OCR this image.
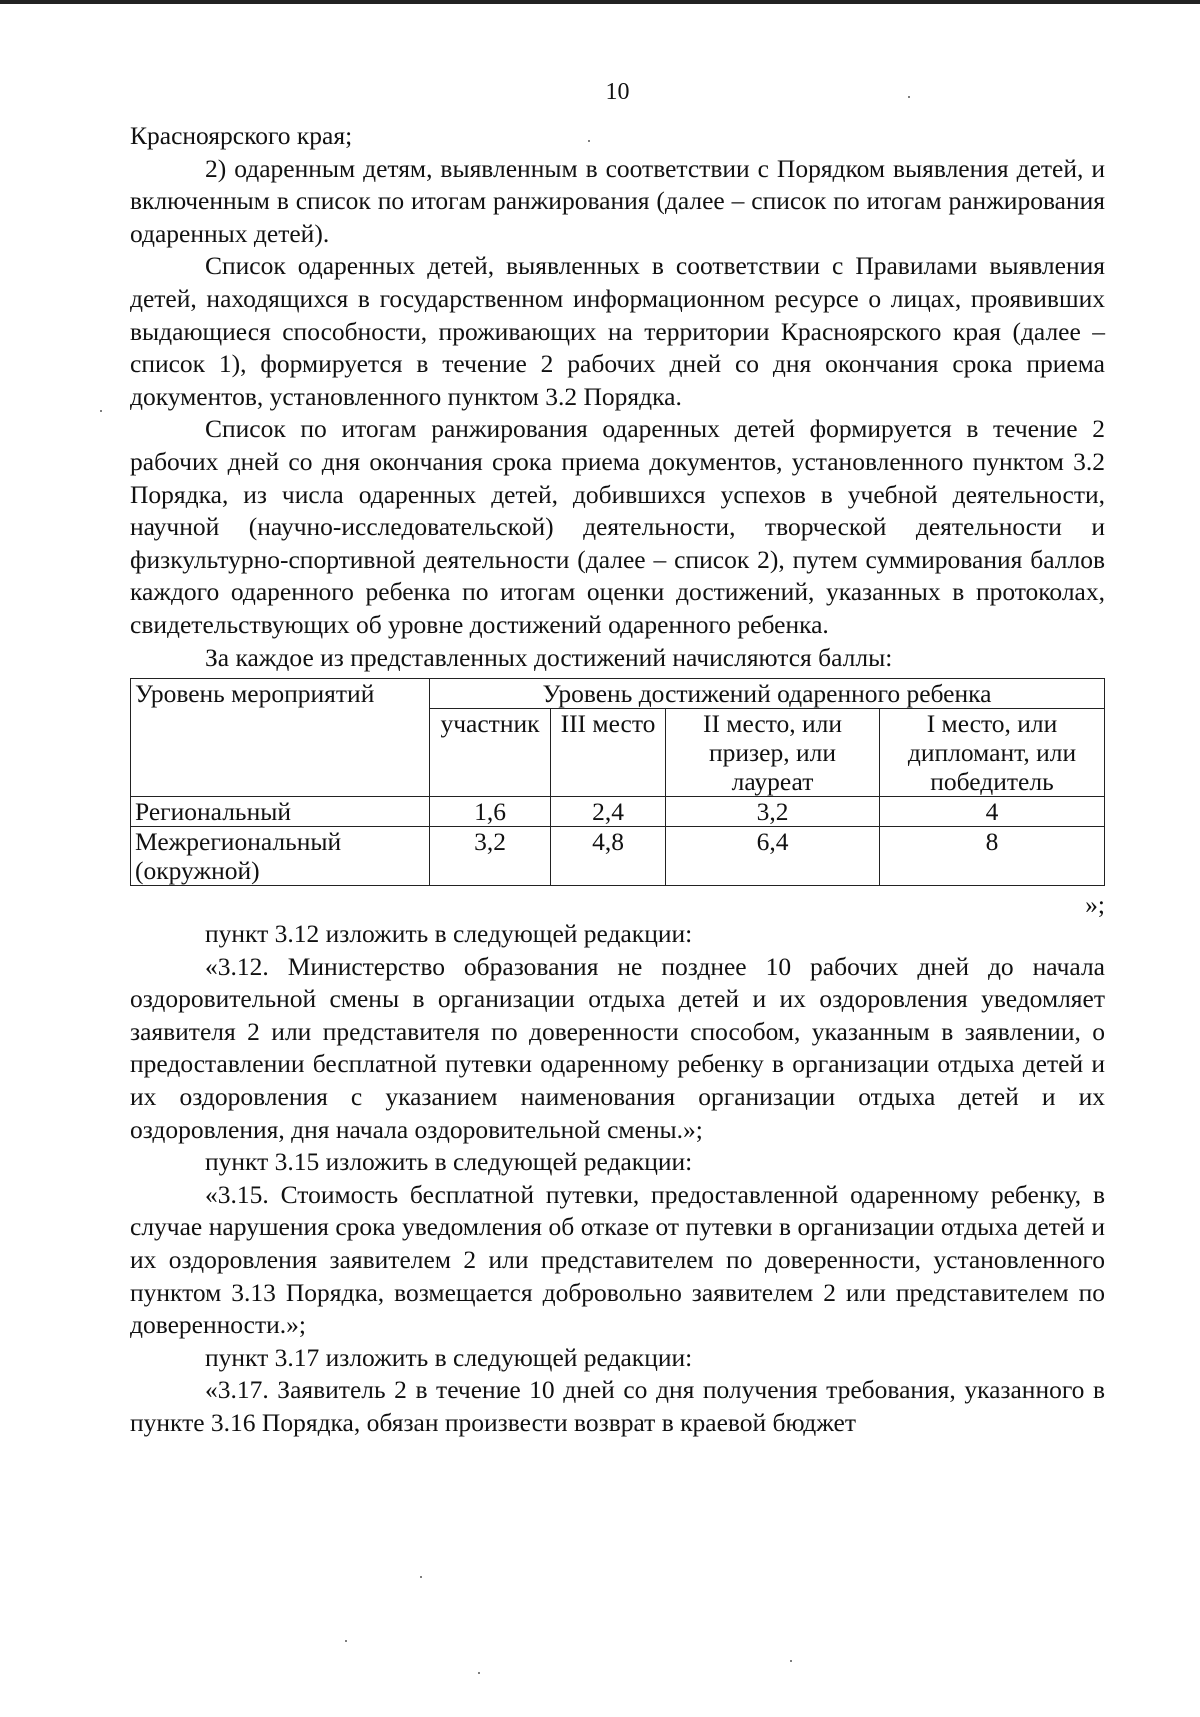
10

Красноярского края;

2) одаренным детям, выявленным в соответствии с Порядком выявления детей, и включенным в список по итогам ранжирования (далее – список по итогам ранжирования одаренных детей).

Список одаренных детей, выявленных в соответствии с Правилами выявления детей, находящихся в государственном информационном ресурсе о лицах, проявивших выдающиеся способности, проживающих на территории Красноярского края (далее – список 1), формируется в течение 2 рабочих дней со дня окончания срока приема документов, установленного пунктом 3.2 Порядка.

Список по итогам ранжирования одаренных детей формируется в течение 2 рабочих дней со дня окончания срока приема документов, установленного пунктом 3.2 Порядка, из числа одаренных детей, добившихся успехов в учебной деятельности, научной (научно-исследовательской) деятельности, творческой деятельности и физкультурно-спортивной деятельности (далее – список 2), путем суммирования баллов каждого одаренного ребенка по итогам оценки достижений, указанных в протоколах, свидетельствующих об уровне достижений одаренного ребенка.

За каждое из представленных достижений начисляются баллы:

Уровень мероприятий	Уровень достижений одаренного ребенка			
	участник	III место	II место, или призер, или лауреат	I место, или дипломант, или победитель
Региональный	1,6	2,4	3,2	4
Межрегиональный (окружной)	3,2	4,8	6,4	8

»;

пункт 3.12 изложить в следующей редакции:

«3.12. Министерство образования не позднее 10 рабочих дней до начала оздоровительной смены в организации отдыха детей и их оздоровления уведомляет заявителя 2 или представителя по доверенности способом, указанным в заявлении, о предоставлении бесплатной путевки одаренному ребенку в организации отдыха детей и их оздоровления с указанием наименования организации отдыха детей и их оздоровления, дня начала оздоровительной смены.»;

пункт 3.15 изложить в следующей редакции:

«3.15. Стоимость бесплатной путевки, предоставленной одаренному ребенку, в случае нарушения срока уведомления об отказе от путевки в организации отдыха детей и их оздоровления заявителем 2 или представителем по доверенности, установленного пунктом 3.13 Порядка, возмещается добровольно заявителем 2 или представителем по доверенности.»;

пункт 3.17 изложить в следующей редакции:

«3.17. Заявитель 2 в течение 10 дней со дня получения требования, указанного в пункте 3.16 Порядка, обязан произвести возврат в краевой бюджет
